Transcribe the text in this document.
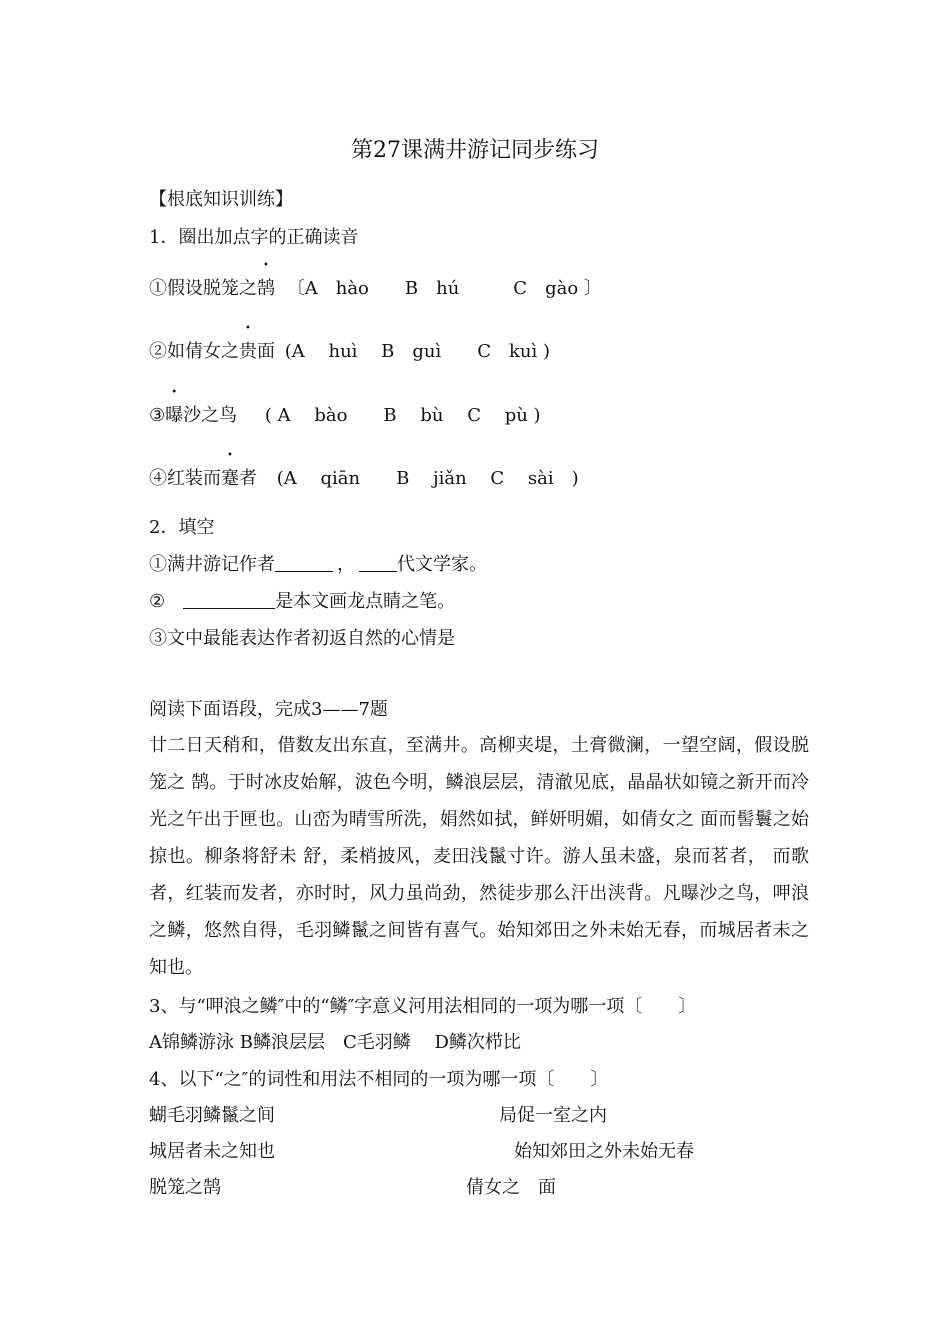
第27课满井游记同步练习
【根底知识训练】
1．圈出加点字的正确读音
①假设脱笼之鹄 〔A　hào　　B　hú　　　C　gào 〕
②如倩女之贵面 (A　 huì　 B　guì　　C　kuì )
③曝沙之鸟 ( A　 bào　　B　 bù　 C　 pù )
④红装而蹇者 (A　 qiān　　B　 jiǎn　 C　 sài　)
2．填空
①满井游记作者	， 代文学家。
②	是本文画龙点睛之笔。
③文中最能表达作者初返自然的心情是
阅读下面语段，完成3——7题
廿二日天稍和，借数友出东直，至满井。高柳夹堤，土膏微澜，一望空阔，假设脱笼之 鹄。于时冰皮始解，波色今明，鳞浪层层，清澈见底，晶晶状如镜之新开而冷光之午出于匣也。山峦为晴雪所洗，娟然如拭，鲜妍明媚，如倩女之 面而髻鬟之始掠也。柳条将舒未 舒，柔梢披风，麦田浅鬣寸许。游人虽未盛，泉而茗者， 而歌者，红装而发者，亦时时，风力虽尚劲，然徒步那么汗出浃背。凡曝沙之鸟，呷浪之鳞，悠然自得，毛羽鳞鬣之间皆有喜气。始知郊田之外未始无春，而城居者未之知也。
3、与“呷浪之鳞″中的“鳞″字意义河用法相同的一项为哪一项〔　　〕
A锦鳞游泳 B鳞浪层层　C毛羽鳞　 D鳞次栉比
4、以下“之″的词性和用法不相同的一项为哪一项〔　　〕
蝴毛羽鳞鬣之间	局促一室之内
城居者未之知也	始知郊田之外未始无春
脱笼之鹄	倩女之　面
